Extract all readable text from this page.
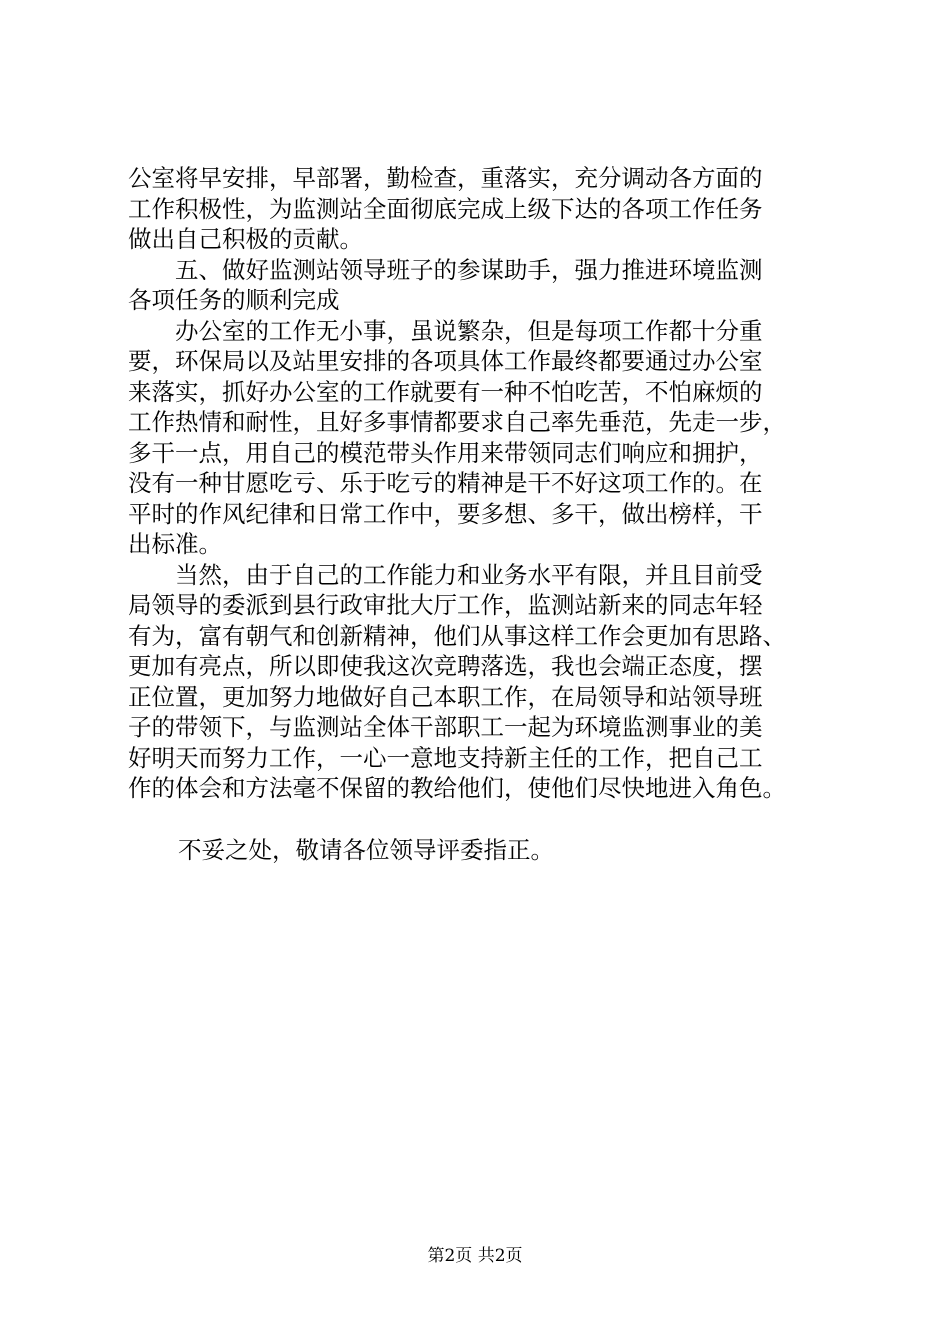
公室将早安排，早部署，勤检查，重落实，充分调动各方面的
工作积极性，为监测站全面彻底完成上级下达的各项工作任务
做出自己积极的贡献。
　　五、做好监测站领导班子的参谋助手，强力推进环境监测
各项任务的顺利完成
　　办公室的工作无小事，虽说繁杂，但是每项工作都十分重
要，环保局以及站里安排的各项具体工作最终都要通过办公室
来落实，抓好办公室的工作就要有一种不怕吃苦，不怕麻烦的
工作热情和耐性，且好多事情都要求自己率先垂范，先走一步，
多干一点，用自己的模范带头作用来带领同志们响应和拥护，
没有一种甘愿吃亏、乐于吃亏的精神是干不好这项工作的。在
平时的作风纪律和日常工作中，要多想、多干，做出榜样，干
出标准。
　　当然，由于自己的工作能力和业务水平有限，并且目前受
局领导的委派到县行政审批大厅工作，监测站新来的同志年轻
有为，富有朝气和创新精神，他们从事这样工作会更加有思路、
更加有亮点，所以即使我这次竞聘落选，我也会端正态度，摆
正位置，更加努力地做好自己本职工作，在局领导和站领导班
子的带领下，与监测站全体干部职工一起为环境监测事业的美
好明天而努力工作，一心一意地支持新主任的工作，把自己工
作的体会和方法毫不保留的教给他们，使他们尽快地进入角色。

不妥之处，敬请各位领导评委指正。

第2页 共2页
